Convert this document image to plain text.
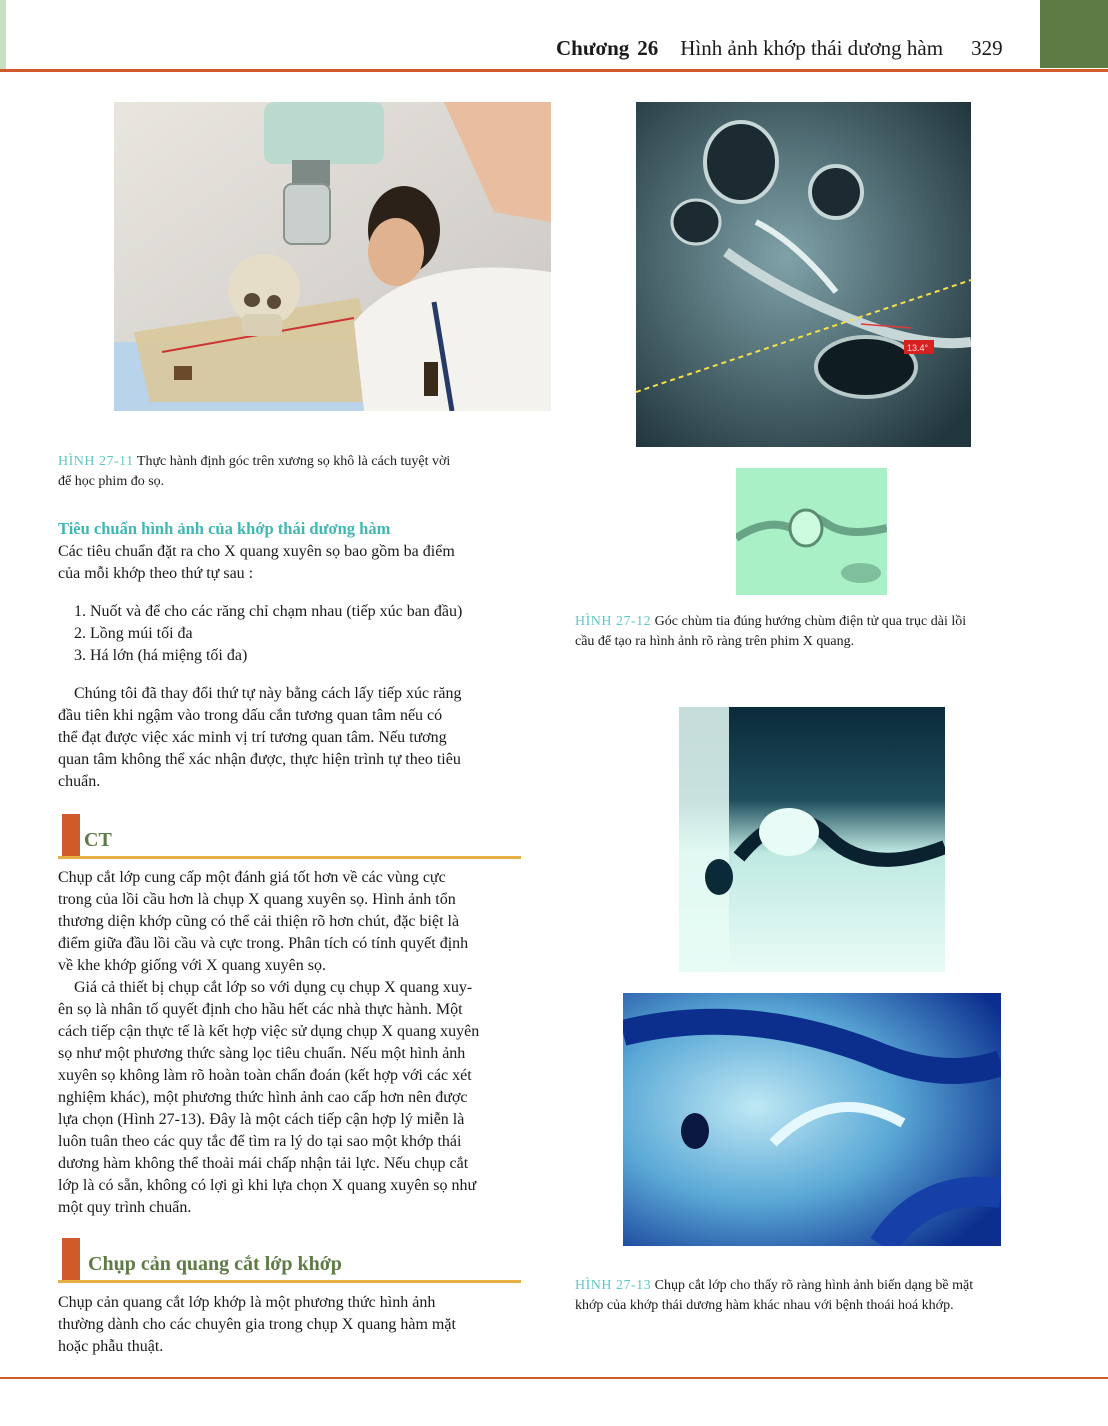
Chương 26 Hình ảnh khớp thái dương hàm 329
HÌNH 27-11 Thực hành định góc trên xương sọ khô là cách tuyệt vời
để học phim đo sọ.
Tiêu chuẩn hình ảnh của khớp thái dương hàm
Các tiêu chuẩn đặt ra cho X quang xuyên sọ bao gồm ba điểm
của mỗi khớp theo thứ tự sau :
1. Nuốt và để cho các răng chỉ chạm nhau (tiếp xúc ban đầu)
2. Lồng múi tối đa
3. Há lớn (há miệng tối đa)
Chúng tôi đã thay đổi thứ tự này bằng cách lấy tiếp xúc răng
đầu tiên khi ngậm vào trong dấu cắn tương quan tâm nếu có
thể đạt được việc xác minh vị trí tương quan tâm. Nếu tương
quan tâm không thể xác nhận được, thực hiện trình tự theo tiêu
chuẩn.
CT
Chụp cắt lớp cung cấp một đánh giá tốt hơn về các vùng cực
trong của lồi cầu hơn là chụp X quang xuyên sọ. Hình ảnh tổn
thương diện khớp cũng có thể cải thiện rõ hơn chút, đặc biệt là
điểm giữa đầu lồi cầu và cực trong. Phân tích có tính quyết định
về khe khớp giống với X quang xuyên sọ.
Giá cả thiết bị chụp cắt lớp so với dụng cụ chụp X quang xuy-
ên sọ là nhân tố quyết định cho hầu hết các nhà thực hành. Một
cách tiếp cận thực tế là kết hợp việc sử dụng chụp X quang xuyên
sọ như một phương thức sàng lọc tiêu chuẩn. Nếu một hình ảnh
xuyên sọ không làm rõ hoàn toàn chẩn đoán (kết hợp với các xét
nghiệm khác), một phương thức hình ảnh cao cấp hơn nên được
lựa chọn (Hình 27-13). Đây là một cách tiếp cận hợp lý miễn là
luôn tuân theo các quy tắc để tìm ra lý do tại sao một khớp thái
dương hàm không thể thoải mái chấp nhận tải lực. Nếu chụp cắt
lớp là có sẵn, không có lợi gì khi lựa chọn X quang xuyên sọ như
một quy trình chuẩn.
Chụp cản quang cắt lớp khớp
Chụp cản quang cắt lớp khớp là một phương thức hình ảnh
thường dành cho các chuyên gia trong chụp X quang hàm mặt
hoặc phẫu thuật.
13.4°
HÌNH 27-12 Góc chùm tia đúng hướng chùm điện tử qua trục dài lồi
cầu để tạo ra hình ảnh rõ ràng trên phim X quang.
HÌNH 27-13 Chụp cắt lớp cho thấy rõ ràng hình ảnh biến dạng bề mặt
khớp của khớp thái dương hàm khác nhau với bệnh thoái hoá khớp.
